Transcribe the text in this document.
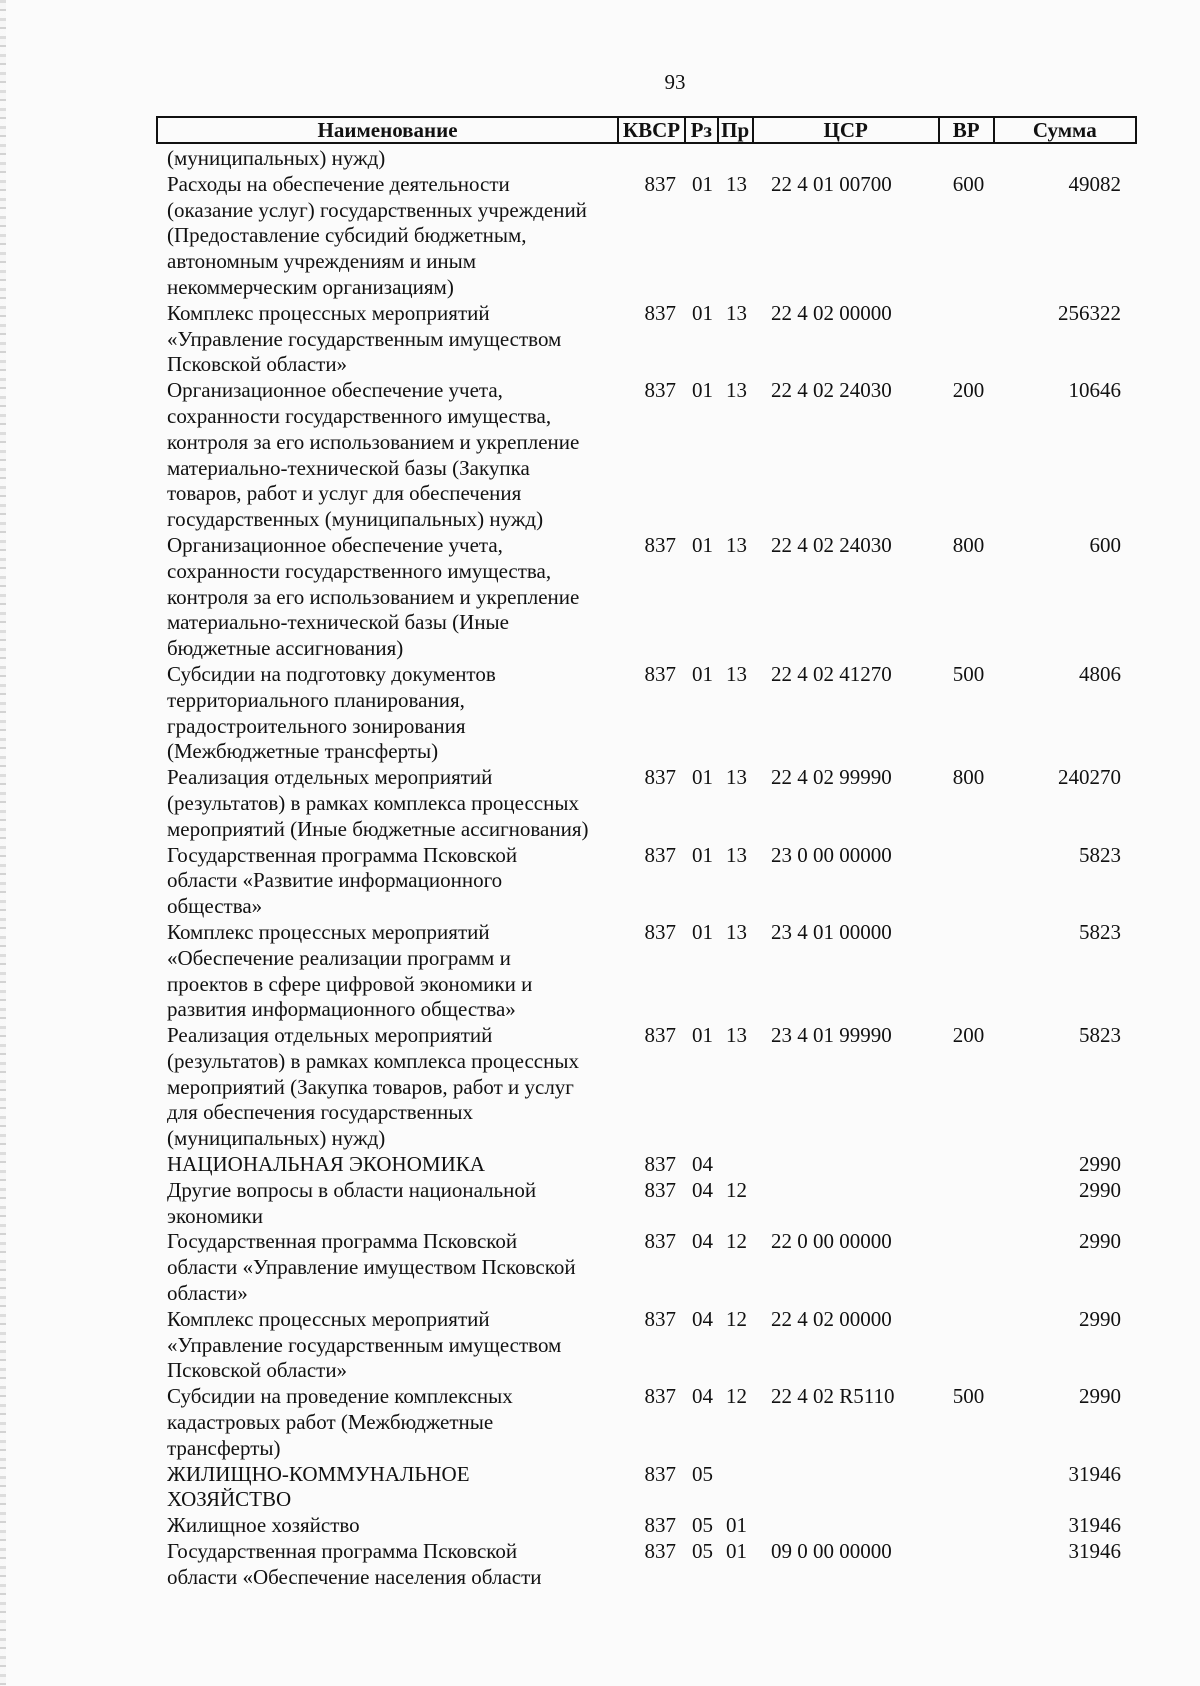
93
Наименование	КВСР Рз Пр	ЦСР	ВР	Сумма
(муниципальных) нужд)
Расходы на обеспечение деятельности
(оказание услуг) государственных учреждений
(Предоставление субсидий бюджетным,
автономным учреждениям и иным
некоммерческим организациям)
837 01 13	22 4 01 00700	600	49082
Комплекс процессных мероприятий
«Управление государственным имуществом
Псковской области»
837 01 13	22 4 02 00000	256322
Организационное обеспечение учета,
сохранности государственного имущества,
контроля за его использованием и укрепление
материально-технической базы (Закупка
товаров, работ и услуг для обеспечения
государственных (муниципальных) нужд)
837 01 13	22 4 02 24030	200	10646
Организационное обеспечение учета,
сохранности государственного имущества,
контроля за его использованием и укрепление
материально-технической базы (Иные
бюджетные ассигнования)
837 01 13	22 4 02 24030	800	600
Субсидии на подготовку документов
территориального планирования,
градостроительного зонирования
(Межбюджетные трансферты)
837 01 13	22 4 02 41270	500	4806
Реализация отдельных мероприятий
(результатов) в рамках комплекса процессных
мероприятий (Иные бюджетные ассигнования)
837 01 13	22 4 02 99990	800	240270
Государственная программа Псковской
области «Развитие информационного
общества»
837 01 13	23 0 00 00000	5823
Комплекс процессных мероприятий
«Обеспечение реализации программ и
проектов в сфере цифровой экономики и
развития информационного общества»
837 01 13	23 4 01 00000	5823
Реализация отдельных мероприятий
(результатов) в рамках комплекса процессных
мероприятий (Закупка товаров, работ и услуг
для обеспечения государственных
(муниципальных) нужд)
837 01 13	23 4 01 99990	200	5823
НАЦИОНАЛЬНАЯ ЭКОНОМИКА	837 04	2990
Другие вопросы в области национальной
экономики
837 04 12	2990
Государственная программа Псковской
области «Управление имуществом Псковской
области»
837 04 12	22 0 00 00000	2990
Комплекс процессных мероприятий
«Управление государственным имуществом
Псковской области»
837 04 12	22 4 02 00000	2990
Субсидии на проведение комплексных
кадастровых работ (Межбюджетные
трансферты)
837 04 12	22 4 02 R5110	500	2990
ЖИЛИЩНО-КОММУНАЛЬНОЕ
ХОЗЯЙСТВО
837 05	31946
Жилищное хозяйство	837 05 01	31946
Государственная программа Псковской
области «Обеспечение населения области
837 05 01	09 0 00 00000	31946
